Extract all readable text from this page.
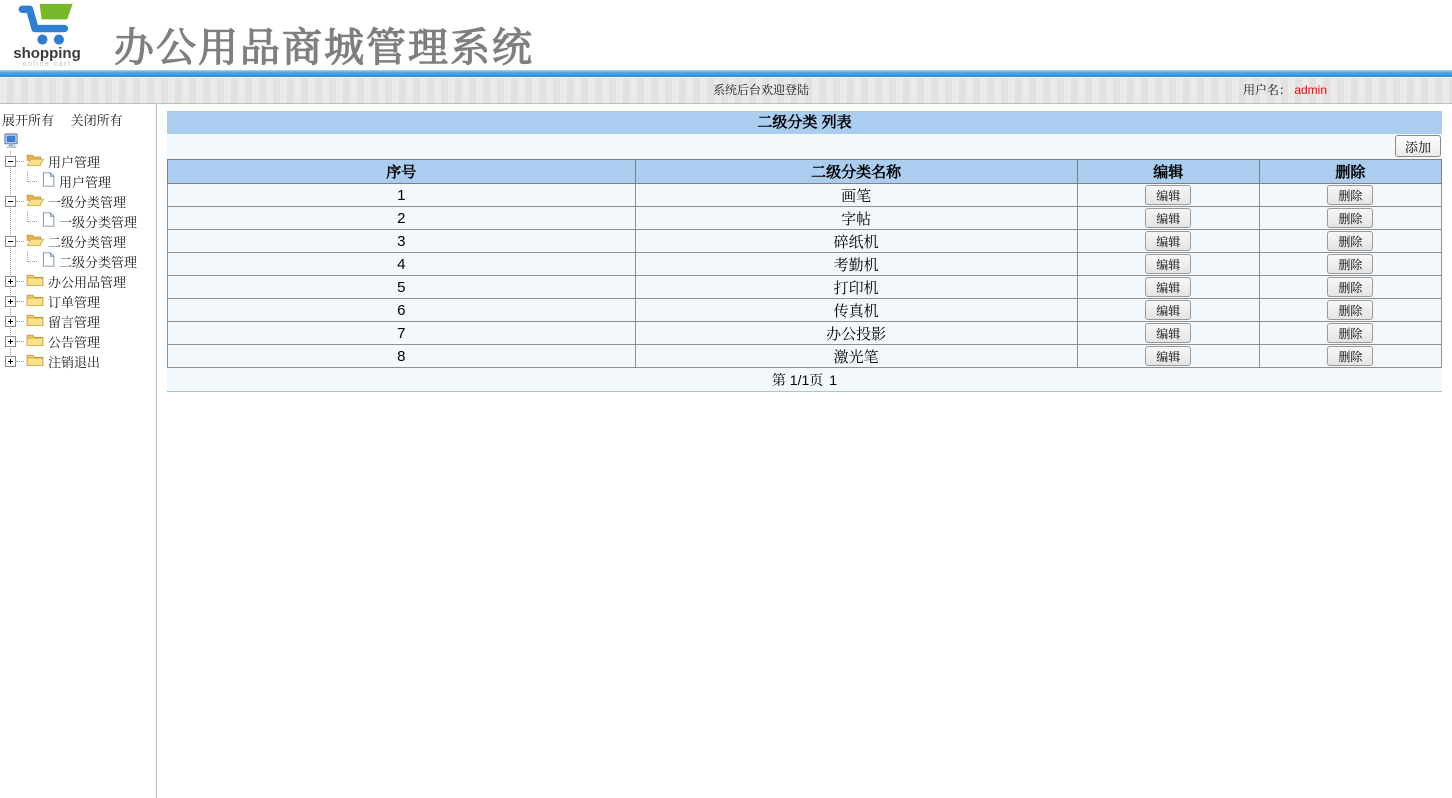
shopping
online cart	办公用品商城管理系统
系统后台欢迎登陆	用户名： admin
展开所有 关闭所有
用户管理
用户管理
一级分类管理
一级分类管理
二级分类管理
二级分类管理
办公用品管理
订单管理
留言管理
公告管理
注销退出
二级分类 列表
添加
序号	二级分类名称	编辑	删除
1	画笔	编辑	删除
2	字帖	编辑	删除
3	碎纸机	编辑	删除
4	考勤机	编辑	删除
5	打印机	编辑	删除
6	传真机	编辑	删除
7	办公投影	编辑	删除
8	激光笔	编辑	删除
第 1/1页 1
